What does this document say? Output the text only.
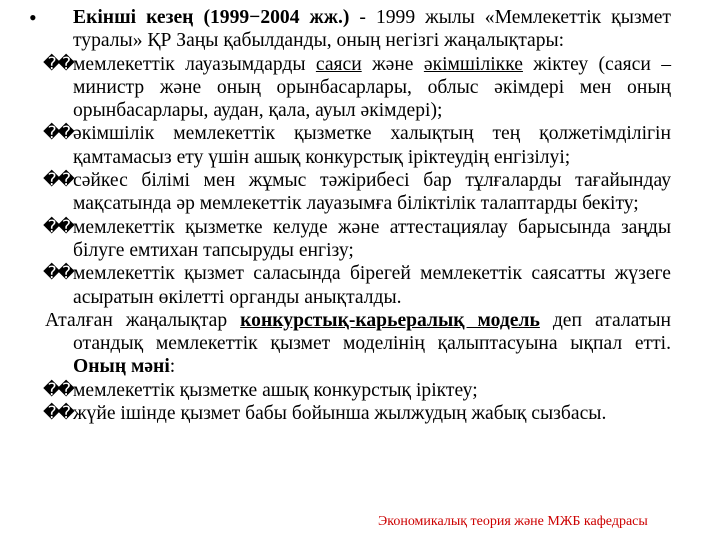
• Екінші кезең (1999−2004 жж.) - 1999 жылы «Мемлекеттік қызмет туралы» ҚР Заңы қабылданды, оның негізгі жаңалықтары:
�� мемлекеттік лауазымдарды саяси және әкімшілікке жіктеу (саяси – министр және оның орынбасарлары, облыс әкімдері мен оның орынбасарлары, аудан, қала, ауыл әкімдері);
�� әкімшілік мемлекеттік қызметке халықтың тең қолжетімділігін қамтамасыз ету үшін ашық конкурстық іріктеудің енгізілуі;
�� сәйкес білімі мен жұмыс тәжірибесі бар тұлғаларды тағайындау мақсатында әр мемлекеттік лауазымға біліктілік талаптарды бекіту;
�� мемлекеттік қызметке келуде және аттестациялау барысында заңды білуге емтихан тапсыруды енгізу;
�� мемлекеттік қызмет саласында бірегей мемлекеттік саясатты жүзеге асыратын өкілетті органды анықталды.
Аталған жаңалықтар конкурстық-карьералық модель деп аталатын отандық мемлекеттік қызмет моделінің қалыптасуына ықпал етті. Оның мәні:
�� мемлекеттік қызметке ашық конкурстық іріктеу;
�� жүйе ішінде қызмет бабы бойынша жылжудың жабық сызбасы.
Экономикалық теория және МЖБ кафедрасы
